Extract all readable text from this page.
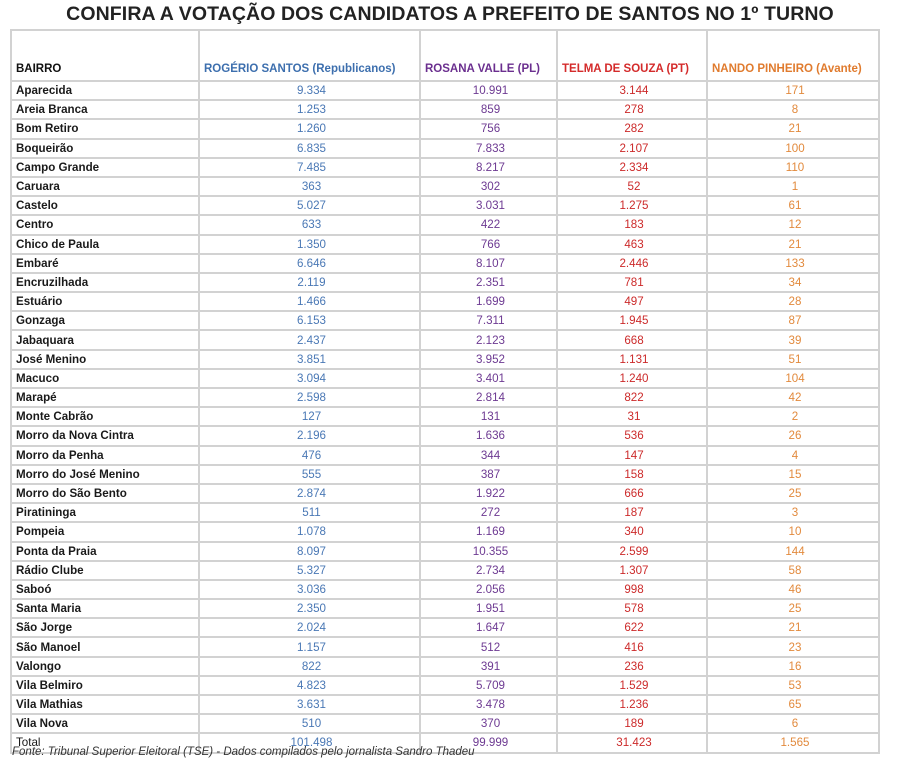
CONFIRA A VOTAÇÃO DOS CANDIDATOS A PREFEITO DE SANTOS NO 1º TURNO
BAIRRO	ROGÉRIO SANTOS (Republicanos)	ROSANA VALLE (PL)	TELMA DE SOUZA (PT)	NANDO PINHEIRO (Avante)
Aparecida	9.334	10.991	3.144	171
Areia Branca	1.253	859	278	8
Bom Retiro	1.260	756	282	21
Boqueirão	6.835	7.833	2.107	100
Campo Grande	7.485	8.217	2.334	110
Caruara	363	302	52	1
Castelo	5.027	3.031	1.275	61
Centro	633	422	183	12
Chico de Paula	1.350	766	463	21
Embaré	6.646	8.107	2.446	133
Encruzilhada	2.119	2.351	781	34
Estuário	1.466	1.699	497	28
Gonzaga	6.153	7.311	1.945	87
Jabaquara	2.437	2.123	668	39
José Menino	3.851	3.952	1.131	51
Macuco	3.094	3.401	1.240	104
Marapé	2.598	2.814	822	42
Monte Cabrão	127	131	31	2
Morro da Nova Cintra	2.196	1.636	536	26
Morro da Penha	476	344	147	4
Morro do José Menino	555	387	158	15
Morro do São Bento	2.874	1.922	666	25
Piratininga	511	272	187	3
Pompeia	1.078	1.169	340	10
Ponta da Praia	8.097	10.355	2.599	144
Rádio Clube	5.327	2.734	1.307	58
Saboó	3.036	2.056	998	46
Santa Maria	2.350	1.951	578	25
São Jorge	2.024	1.647	622	21
São Manoel	1.157	512	416	23
Valongo	822	391	236	16
Vila Belmiro	4.823	5.709	1.529	53
Vila Mathias	3.631	3.478	1.236	65
Vila Nova	510	370	189	6
Total	101.498	99.999	31.423	1.565
Fonte: Tribunal Superior Eleitoral (TSE) - Dados compilados pelo jornalista Sandro Thadeu
